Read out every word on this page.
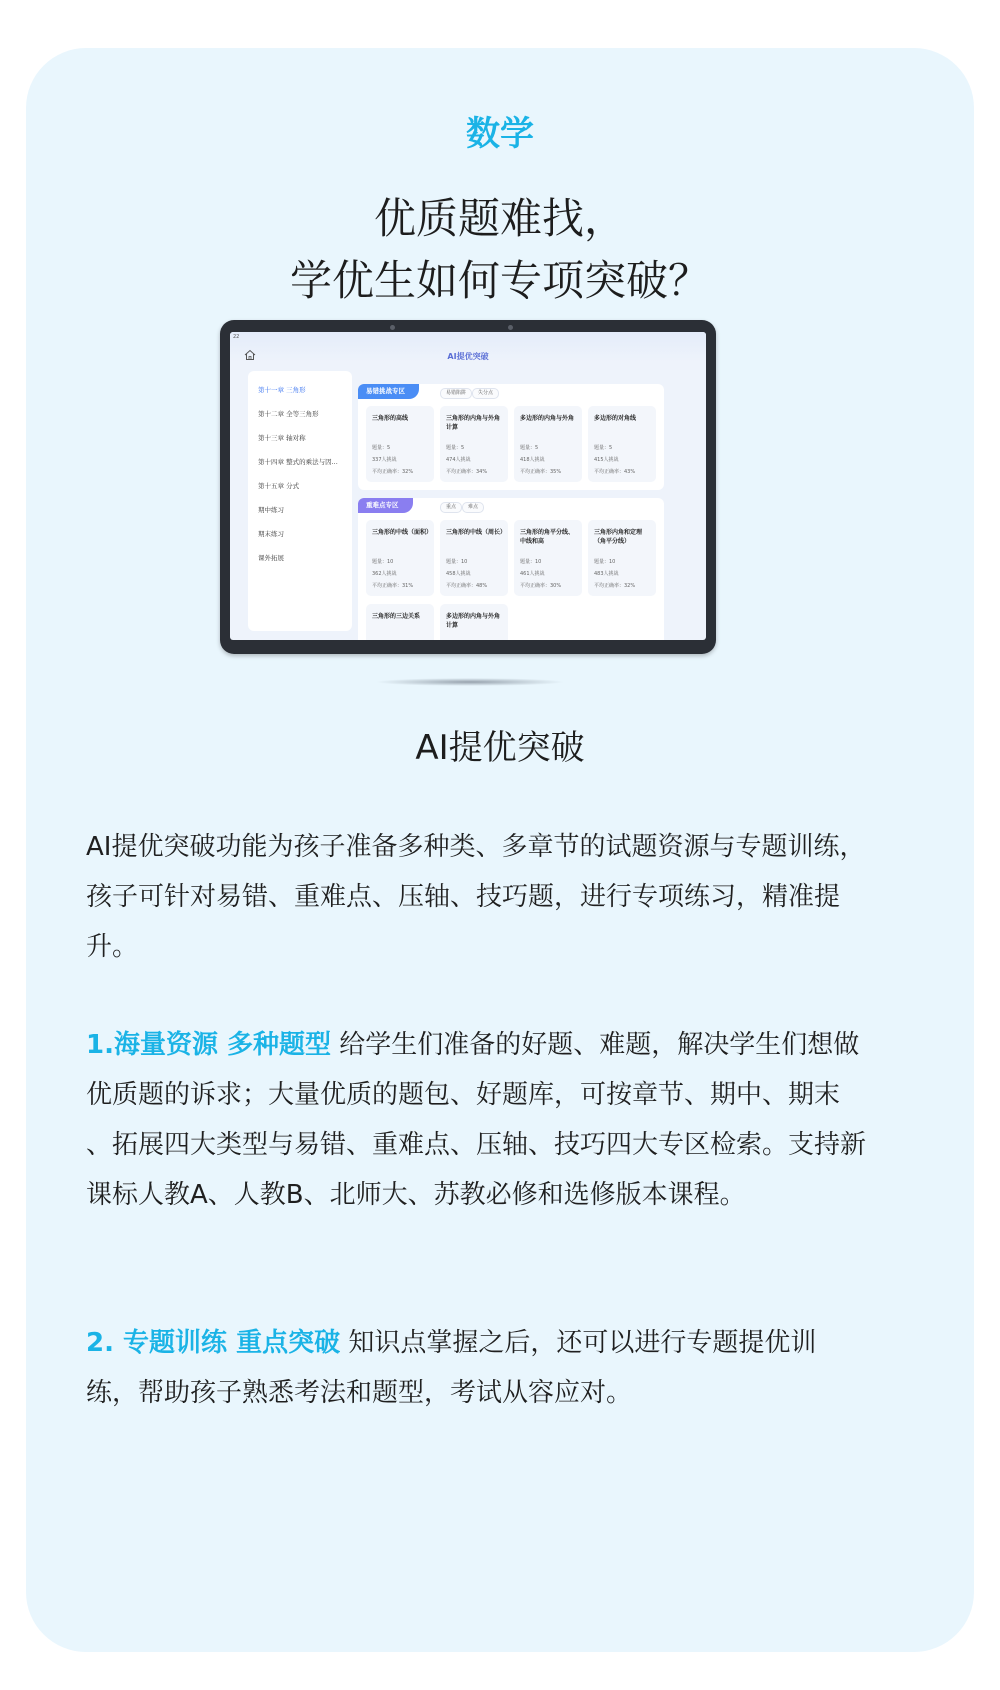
数学
优质题难找，
学优生如何专项突破？
22
AI提优突破
第十一章 三角形
第十二章 全等三角形
第十三章 轴对称
第十四章 整式的乘法与因...
第十五章 分式
期中练习
期末练习
课外拓展
易错挑战专区	易错陷阱	失分点
三角形的高线
题量：5
337人挑战
平均正确率：32%
三角形的内角与外角计算
题量：5
474人挑战
平均正确率：34%
多边形的内角与外角
题量：5
418人挑战
平均正确率：35%
多边形的对角线
题量：5
415人挑战
平均正确率：43%
重难点专区	重点	难点
三角形的中线（面积）
题量：10
362人挑战
平均正确率：31%
三角形的中线（周长）
题量：10
458人挑战
平均正确率：48%
三角形的角平分线、中线和高
题量：10
461人挑战
平均正确率：30%
三角形内角和定理（角平分线）
题量：10
483人挑战
平均正确率：32%
三角形的三边关系	多边形的内角与外角计算
AI提优突破
AI提优突破功能为孩子准备多种类、多章节的试题资源与专题训练，孩子可针对易错、重难点、压轴、技巧题，进行专项练习，精准提升。
1.海量资源 多种题型 给学生们准备的好题、难题，解决学生们想做优质题的诉求；大量优质的题包、好题库，可按章节、期中、期末 、拓展四大类型与易错、重难点、压轴、技巧四大专区检索。支持新课标人教A、人教B、北师大、苏教必修和选修版本课程。
2. 专题训练 重点突破 知识点掌握之后，还可以进行专题提优训练，帮助孩子熟悉考法和题型，考试从容应对。
